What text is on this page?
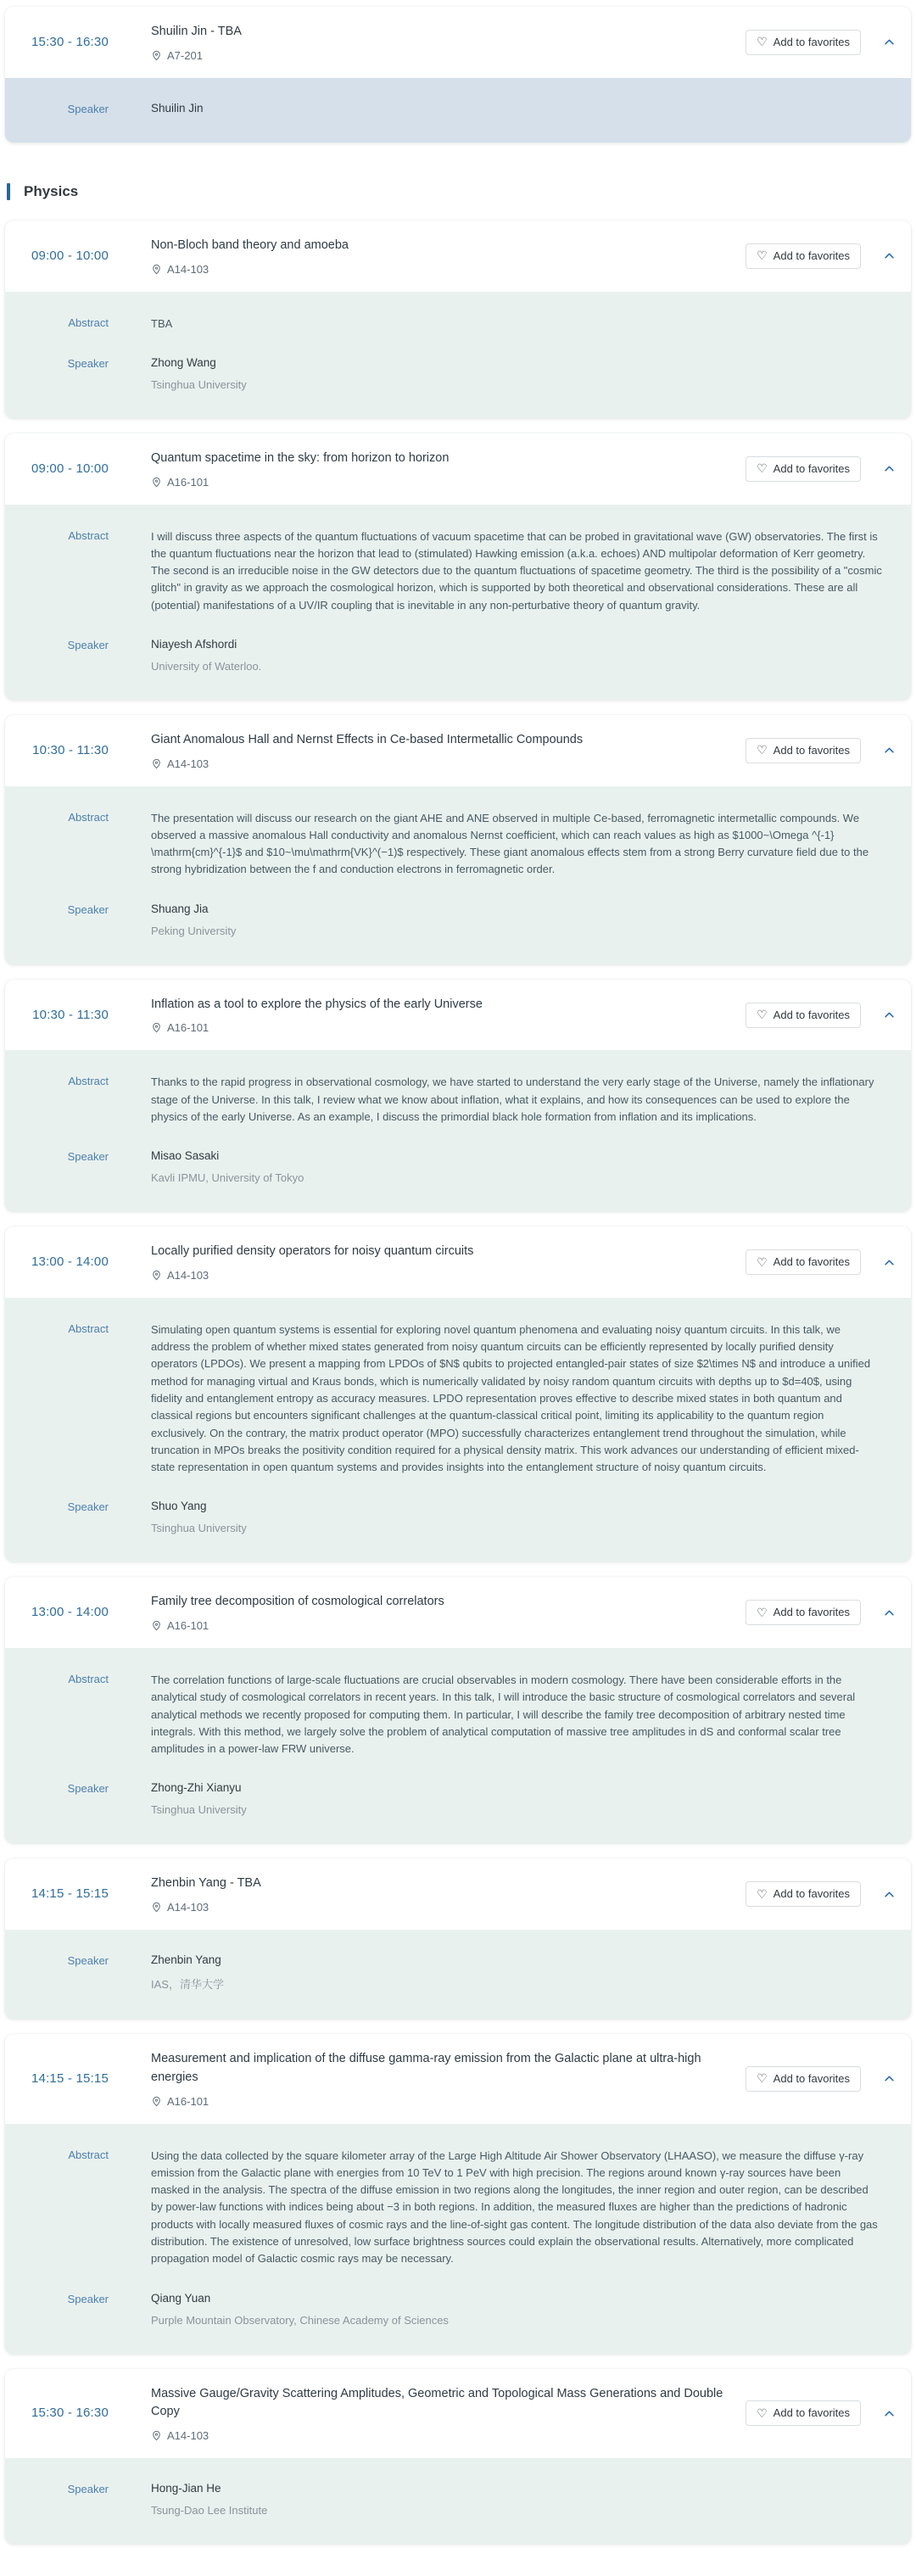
15:30 - 16:30
Shuilin Jin - TBA
A7-201
♡ Add to favorites
Speaker	Shuilin Jin
Physics
09:00 - 10:00
Non-Bloch band theory and amoeba
A14-103
♡ Add to favorites
Abstract	TBA
Speaker	Zhong Wang
Tsinghua University
09:00 - 10:00
Quantum spacetime in the sky: from horizon to horizon
A16-101
♡ Add to favorites
Abstract	I will discuss three aspects of the quantum fluctuations of vacuum spacetime that can be probed in gravitational wave (GW) observatories. The first is the quantum fluctuations near the horizon that lead to (stimulated) Hawking emission (a.k.a. echoes) AND multipolar deformation of Kerr geometry. The second is an irreducible noise in the GW detectors due to the quantum fluctuations of spacetime geometry. The third is the possibility of a "cosmic glitch" in gravity as we approach the cosmological horizon, which is supported by both theoretical and observational considerations. These are all (potential) manifestations of a UV/IR coupling that is inevitable in any non-perturbative theory of quantum gravity.
Speaker	Niayesh Afshordi
University of Waterloo.
10:30 - 11:30
Giant Anomalous Hall and Nernst Effects in Ce-based Intermetallic Compounds
A14-103
♡ Add to favorites
Abstract	The presentation will discuss our research on the giant AHE and ANE observed in multiple Ce-based, ferromagnetic intermetallic compounds. We observed a massive anomalous Hall conductivity and anomalous Nernst coefficient, which can reach values as high as $1000~\Omega ^{-1} \mathrm{cm}^{-1}$ and $10~\mu\mathrm{VK}^(−1)$ respectively. These giant anomalous effects stem from a strong Berry curvature field due to the strong hybridization between the f and conduction electrons in ferromagnetic order.
Speaker	Shuang Jia
Peking University
10:30 - 11:30
Inflation as a tool to explore the physics of the early Universe
A16-101
♡ Add to favorites
Abstract	Thanks to the rapid progress in observational cosmology, we have started to understand the very early stage of the Universe, namely the inflationary stage of the Universe. In this talk, I review what we know about inflation, what it explains, and how its consequences can be used to explore the physics of the early Universe. As an example, I discuss the primordial black hole formation from inflation and its implications.
Speaker	Misao Sasaki
Kavli IPMU, University of Tokyo
13:00 - 14:00
Locally purified density operators for noisy quantum circuits
A14-103
♡ Add to favorites
Abstract	Simulating open quantum systems is essential for exploring novel quantum phenomena and evaluating noisy quantum circuits. In this talk, we address the problem of whether mixed states generated from noisy quantum circuits can be efficiently represented by locally purified density operators (LPDOs). We present a mapping from LPDOs of $N$ qubits to projected entangled-pair states of size $2\times N$ and introduce a unified method for managing virtual and Kraus bonds, which is numerically validated by noisy random quantum circuits with depths up to $d=40$, using fidelity and entanglement entropy as accuracy measures. LPDO representation proves effective to describe mixed states in both quantum and classical regions but encounters significant challenges at the quantum-classical critical point, limiting its applicability to the quantum region exclusively. On the contrary, the matrix product operator (MPO) successfully characterizes entanglement trend throughout the simulation, while truncation in MPOs breaks the positivity condition required for a physical density matrix. This work advances our understanding of efficient mixed-state representation in open quantum systems and provides insights into the entanglement structure of noisy quantum circuits.
Speaker	Shuo Yang
Tsinghua University
13:00 - 14:00
Family tree decomposition of cosmological correlators
A16-101
♡ Add to favorites
Abstract	The correlation functions of large-scale fluctuations are crucial observables in modern cosmology. There have been considerable efforts in the analytical study of cosmological correlators in recent years. In this talk, I will introduce the basic structure of cosmological correlators and several analytical methods we recently proposed for computing them. In particular, I will describe the family tree decomposition of arbitrary nested time integrals. With this method, we largely solve the problem of analytical computation of massive tree amplitudes in dS and conformal scalar tree amplitudes in a power-law FRW universe.
Speaker	Zhong-Zhi Xianyu
Tsinghua University
14:15 - 15:15
Zhenbin Yang - TBA
A14-103
♡ Add to favorites
Speaker	Zhenbin Yang
IAS，清华大学
14:15 - 15:15
Measurement and implication of the diffuse gamma-ray emission from the Galactic plane at ultra-high energies
A16-101
♡ Add to favorites
Abstract	Using the data collected by the square kilometer array of the Large High Altitude Air Shower Observatory (LHAASO), we measure the diffuse γ-ray emission from the Galactic plane with energies from 10 TeV to 1 PeV with high precision. The regions around known γ-ray sources have been masked in the analysis. The spectra of the diffuse emission in two regions along the longitudes, the inner region and outer region, can be described by power-law functions with indices being about −3 in both regions. In addition, the measured fluxes are higher than the predictions of hadronic products with locally measured fluxes of cosmic rays and the line-of-sight gas content. The longitude distribution of the data also deviate from the gas distribution. The existence of unresolved, low surface brightness sources could explain the observational results. Alternatively, more complicated propagation model of Galactic cosmic rays may be necessary.
Speaker	Qiang Yuan
Purple Mountain Observatory, Chinese Academy of Sciences
15:30 - 16:30
Massive Gauge/Gravity Scattering Amplitudes, Geometric and Topological Mass Generations and Double Copy
A14-103
♡ Add to favorites
Speaker	Hong-Jian He
Tsung-Dao Lee Institute
